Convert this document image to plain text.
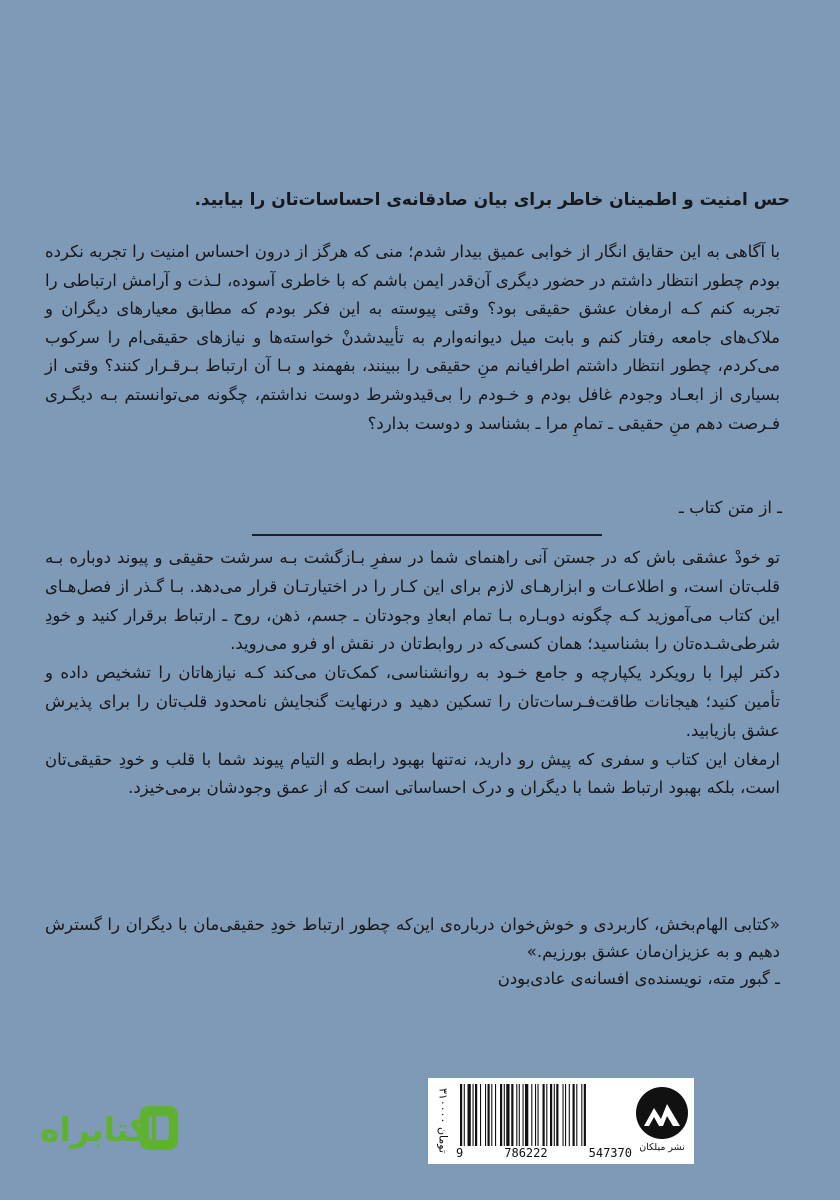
حس امنیت و اطمینان خاطر برای بیان صادقانه‌ی احساسات‌تان را بیابید.

با آگاهی به این حقایق انگار از خوابی عمیق بیدار شدم؛ منی که هرگز از درون احساس امنیت را تجربه نکرده بودم چطور انتظار داشتم در حضور دیگری آن‌قدر ایمن باشم که با خاطری آسوده، لـذت و آرامش ارتباطی را تجربه کنم کـه ارمغان عشق حقیقی بود؟ وقتی پیوسته به این فکر بودم که مطابق معیارهای دیگران و ملاک‌های جامعه رفتار کنم و بابت میل دیوانه‌وارم به تأییدشدنْ خواسته‌ها و نیازهای حقیقی‌ام را سرکوب می‌کردم، چطور انتظار داشتم اطرافیانم منِ حقیقی را ببینند، بفهمند و بـا آن ارتباط بـرقـرار کنند؟ وقتی از بسیاری از ابعـاد وجودم غافل بودم و خـودم را بی‌قیدوشرط دوست نداشتم، چگونه می‌توانستم بـه دیگـری فـرصت دهم منِ حقیقی ـ تمامِ مرا ـ بشناسد و دوست بدارد؟

ـ از متن کتاب ـ

تو خودْ عشقی باش که در جستن آنی راهنمای شما در سفرِ بـازگشت بـه سرشت حقیقی و پیوند دوباره بـه قلب‌تان است، و اطلاعـات و ابزارهـای لازم برای این کـار را در اختیارتـان قرار می‌دهد. بـا گـذر از فصل‌هـای این کتاب می‌آموزید کـه چگونه دوبـاره بـا تمام ابعادِ وجودتان ـ جسم، ذهن، روح ـ ارتباط برقرار کنید و خودِ شرطی‌شـده‌تان را بشناسید؛ همان کسی‌که در روابط‌تان در نقش او فرو می‌روید.

دکتر لپرا با رویکرد یکپارچه و جامع خـود به روانشناسی، کمک‌تان می‌کند کـه نیازهاتان را تشخیص داده و تأمین کنید؛ هیجانات طاقت‌فـرسات‌تان را تسکین دهید و درنهایت گنجایش نامحدود قلب‌تان را برای پذیرش عشق بازیابید.

ارمغان این کتاب و سفری که پیش رو دارید، نه‌تنها بهبود رابطه و التیام پیوند شما با قلب و خودِ حقیقی‌تان است، بلکه بهبود ارتباط شما با دیگران و درک احساساتی است که از عمق وجودشان برمی‌خیزد.

«کتابی الهام‌بخش، کاربردی و خوش‌خوان درباره‌ی این‌که چطور ارتباط خودِ حقیقی‌مان با دیگران را گسترش دهیم و به عزیزان‌مان عشق بورزیم.»

ـ گبور مته، نویسنده‌ی افسانه‌ی عادی‌بودن

۳۱۰۰۰۰ تومان 9	786222	547370 نشر میلکان
کتابراه
